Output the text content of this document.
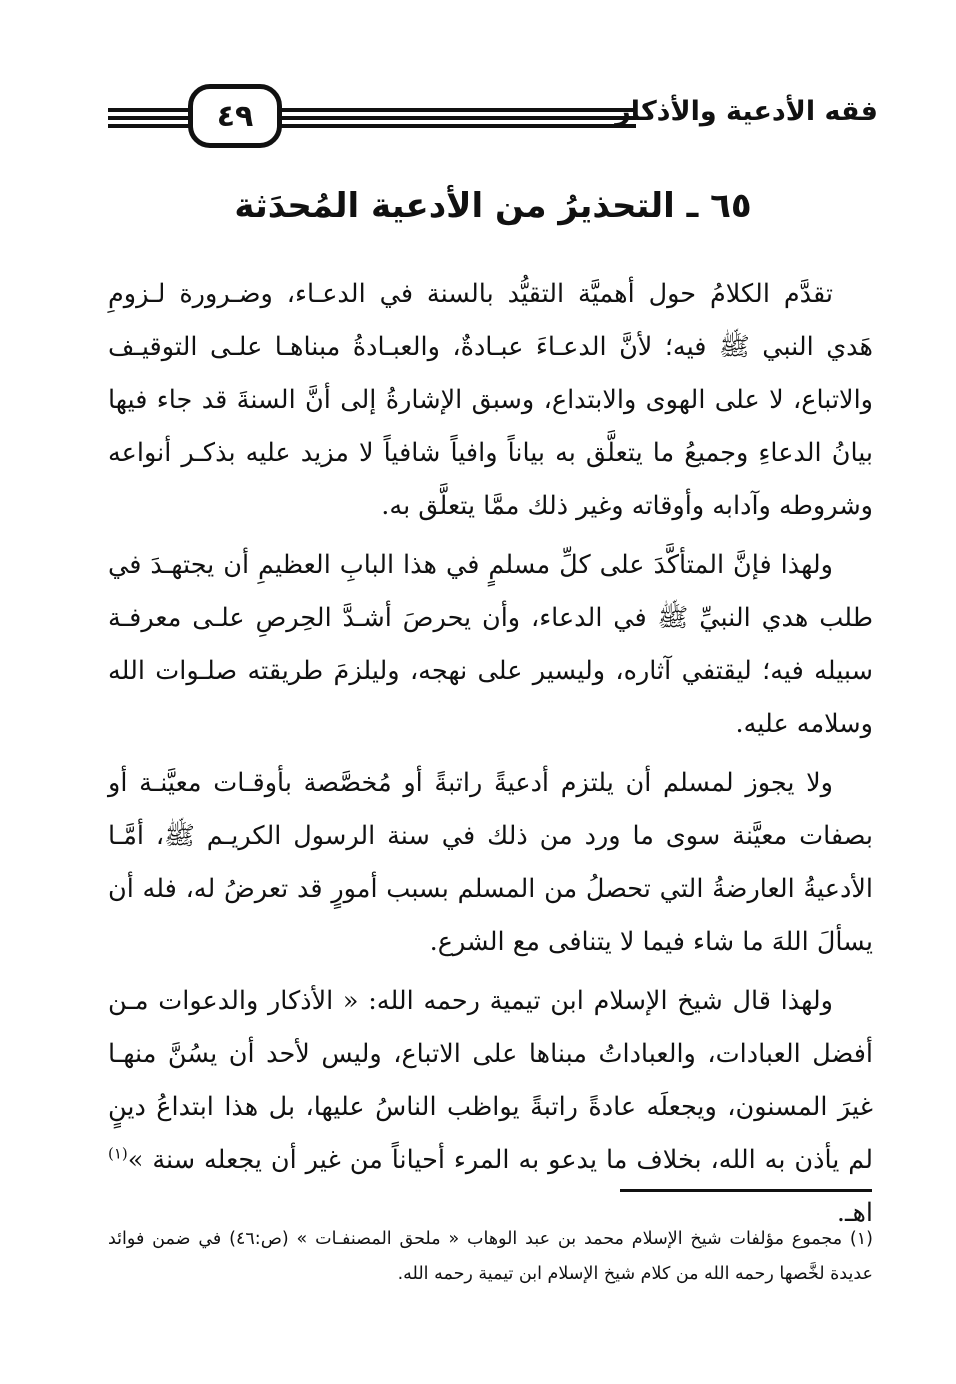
٤٩	فقه الأدعية والأذكار
٦٥ ـ التحذيرُ من الأدعية المُحدَثة

تقدَّم الكلامُ حول أهميَّة التقيُّد بالسنة في الدعـاء، وضـرورة لـزومِ هَدي النبي ﷺ فيه؛ لأنَّ الدعـاءَ عبـادةٌ، والعبـادةُ مبناهـا علـى التوقيـف والاتباع، لا على الهوى والابتداع، وسبق الإشارةُ إلى أنَّ السنةَ قد جاء فيها بيانُ الدعاءِ وجميعُ ما يتعلَّق به بياناً وافياً شافياً لا مزيد عليه بذكـر أنواعه وشروطه وآدابه وأوقاته وغير ذلك ممَّا يتعلَّق به.

ولهذا فإنَّ المتأكَّدَ على كلِّ مسلمٍ في هذا البابِ العظيمِ أن يجتهـدَ في طلب هدي النبيِّ ﷺ في الدعاء، وأن يحرصَ أشـدَّ الحِرصِ علـى معرفـة سبيله فيه؛ ليقتفي آثاره، وليسير على نهجه، وليلزمَ طريقته صلـوات الله وسلامه عليه.

ولا يجوز لمسلم أن يلتزم أدعيةً راتبةً أو مُخصَّصة بأوقـات معيَّنـة أو بصفات معيَّنة سوى ما ورد من ذلك في سنة الرسول الكريـم ﷺ، أمَّـا الأدعيةُ العارضةُ التي تحصلُ من المسلم بسبب أمورٍ قد تعرضُ له، فله أن يسألَ اللهَ ما شاء فيما لا يتنافى مع الشرع.

ولهذا قال شيخ الإسلام ابن تيمية رحمه الله: « الأذكار والدعوات مـن أفضل العبادات، والعباداتُ مبناها على الاتباع، وليس لأحد أن يسُنَّ منهـا غيرَ المسنون، ويجعلَه عادةً راتبةً يواظب الناسُ عليها، بل هذا ابتداعُ دينٍ لم يأذن به الله، بخلاف ما يدعو به المرء أحياناً من غير أن يجعله سنة »$^{(١)}$ اهـ.

(١) مجموع مؤلفات شيخ الإسلام محمد بن عبد الوهاب « ملحق المصنفـات » (ص:٤٦) في ضمن فوائد عديدة لخَّصها رحمه الله من كلام شيخ الإسلام ابن تيمية رحمه الله.
